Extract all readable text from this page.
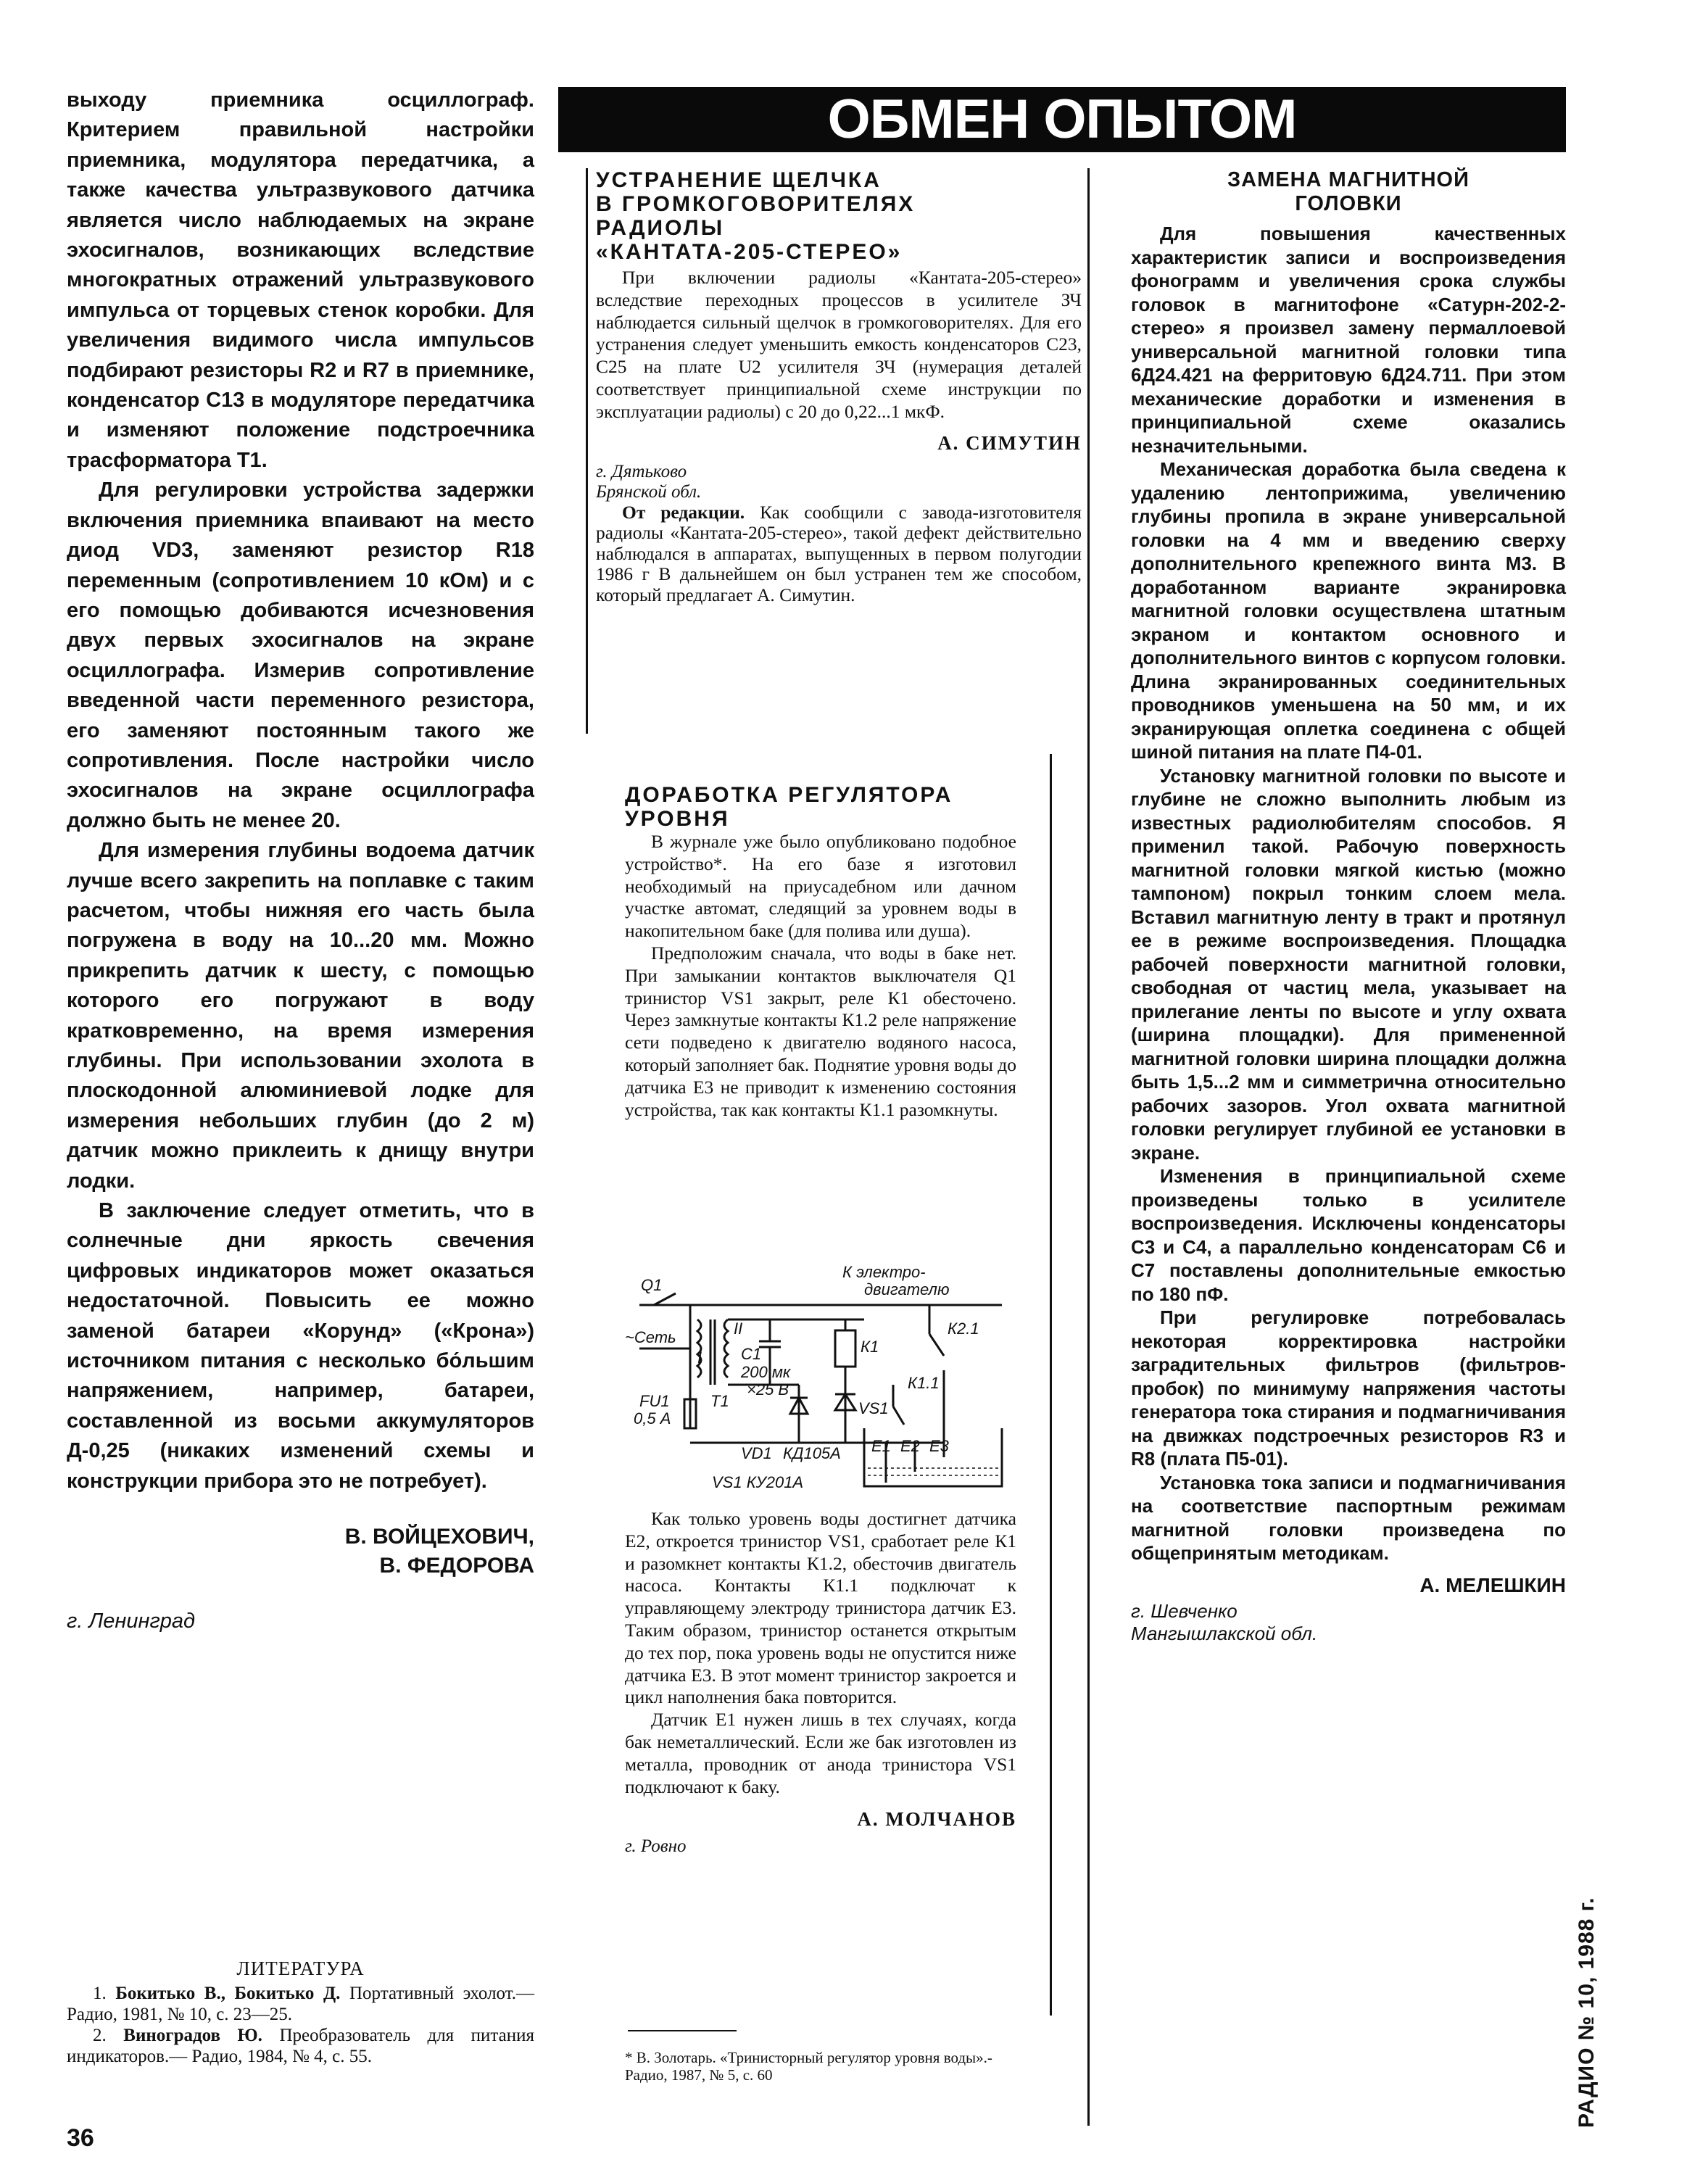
выходу приемника осциллограф. Критерием правильной настройки приемника, модулятора передатчика, а также качества ультразвукового датчика является число наблюдаемых на экране эхосигналов, возникающих вследствие многократных отражений ультразвукового импульса от торцевых стенок коробки. Для увеличения видимого числа импульсов подбирают резисторы R2 и R7 в приемнике, конденсатор С13 в модуляторе передатчика и изменяют положение подстроечника трасформатора Т1.

Для регулировки устройства задержки включения приемника впаивают на место диод VD3, заменяют резистор R18 переменным (сопротивлением 10 кОм) и с его помощью добиваются исчезновения двух первых эхосигналов на экране осциллографа. Измерив сопротивление введенной части переменного резистора, его заменяют постоянным такого же сопротивления. После настройки число эхосигналов на экране осциллографа должно быть не менее 20.

Для измерения глубины водоема датчик лучше всего закрепить на поплавке с таким расчетом, чтобы нижняя его часть была погружена в воду на 10...20 мм. Можно прикрепить датчик к шесту, с помощью которого его погружают в воду кратковременно, на время измерения глубины. При использовании эхолота в плоскодонной алюминиевой лодке для измерения небольших глубин (до 2 м) датчик можно приклеить к днищу внутри лодки.

В заключение следует отметить, что в солнечные дни яркость свечения цифровых индикаторов может оказаться недостаточной. Повысить ее можно заменой батареи «Корунд» («Крона») источником питания с несколько бо́льшим напряжением, например, батареи, составленной из восьми аккумуляторов Д-0,25 (никаких изменений схемы и конструкции прибора это не потребует).

В. ВОЙЦЕХОВИЧ,

В. ФЕДОРОВА

г. Ленинград

ЛИТЕРАТУРА

1. Бокитько В., Бокитько Д. Портативный эхолот.— Радио, 1981, № 10, с. 23—25.
2. Виноградов Ю. Преобразователь для питания индикаторов.— Радио, 1984, № 4, с. 55.
36
ОБМЕН ОПЫТОМ

УСТРАНЕНИЕ ЩЕЛЧКА

В ГРОМКОГОВОРИТЕЛЯХ

РАДИОЛЫ

«КАНТАТА-205-СТЕРЕО»

При включении радиолы «Кантата-205-стерео» вследствие переходных процессов в усилителе ЗЧ наблюдается сильный щелчок в громкоговорителях. Для его устранения следует уменьшить емкость конденсаторов С23, С25 на плате U2 усилителя ЗЧ (нумерация деталей соответствует принципиальной схеме инструкции по эксплуатации радиолы) с 20 до 0,22...1 мкФ.

А. СИМУТИН

г. Дятьково

Брянской обл.

От редакции. Как сообщили с завода-изготовителя радиолы «Кантата-205-стерео», такой дефект действительно наблюдался в аппаратах, выпущенных в первом полугодии 1986 г В дальнейшем он был устранен тем же способом, который предлагает А. Симутин.

ДОРАБОТКА РЕГУЛЯТОРА

УРОВНЯ

В журнале уже было опубликовано подобное устройство*. На его базе я изготовил необходимый на приусадебном или дачном участке автомат, следящий за уровнем воды в накопительном баке (для полива или душа).

Предположим сначала, что воды в баке нет. При замыкании контактов выключателя Q1 тринистор VS1 закрыт, реле К1 обесточено. Через замкнутые контакты К1.2 реле напряжение сети подведено к двигателю водяного насоса, который заполняет бак. Поднятие уровня воды до датчика Е3 не приводит к изменению состояния устройства, так как контакты К1.1 разомкнуты.

Q1
К электро-
двигателю
~Сеть
I
II
С1
200 мк
×25 В
К1
К2.1
К1.1
FU1
0,5 А
Т1	VS1
VD1 КД105А Е1 Е2 Е3
VS1 КУ201А

Как только уровень воды достигнет датчика Е2, откроется тринистор VS1, сработает реле К1 и разомкнет контакты К1.2, обесточив двигатель насоса. Контакты К1.1 подключат к управляющему электроду тринистора датчик Е3. Таким образом, тринистор останется открытым до тех пор, пока уровень воды не опустится ниже датчика Е3. В этот момент тринистор закроется и цикл наполнения бака повторится.

Датчик Е1 нужен лишь в тех случаях, когда бак неметаллический. Если же бак изготовлен из металла, проводник от анода тринистора VS1 подключают к баку.

А. МОЛЧАНОВ

г. Ровно

* В. Золотарь. «Тринисторный регулятор уровня воды».- Радио, 1987, № 5, с. 60

ЗАМЕНА МАГНИТНОЙ

ГОЛОВКИ

Для повышения качественных характеристик записи и воспроизведения фонограмм и увеличения срока службы головок в магнитофоне «Сатурн-202-2-стерео» я произвел замену пермаллоевой универсальной магнитной головки типа 6Д24.421 на ферритовую 6Д24.711. При этом механические доработки и изменения в принципиальной схеме оказались незначительными.

Механическая доработка была сведена к удалению лентоприжима, увеличению глубины пропила в экране универсальной головки на 4 мм и введению сверху дополнительного крепежного винта М3. В доработанном варианте экранировка магнитной головки осуществлена штатным экраном и контактом основного и дополнительного винтов с корпусом головки. Длина экранированных соединительных проводников уменьшена на 50 мм, и их экранирующая оплетка соединена с общей шиной питания на плате П4-01.

Установку магнитной головки по высоте и глубине не сложно выполнить любым из известных радиолюбителям способов. Я применил такой. Рабочую поверхность магнитной головки мягкой кистью (можно тампоном) покрыл тонким слоем мела. Вставил магнитную ленту в тракт и протянул ее в режиме воспроизведения. Площадка рабочей поверхности магнитной головки, свободная от частиц мела, указывает на прилегание ленты по высоте и углу охвата (ширина площадки). Для примененной магнитной головки ширина площадки должна быть 1,5...2 мм и симметрична относительно рабочих зазоров. Угол охвата магнитной головки регулирует глубиной ее установки в экране.

Изменения в принципиальной схеме произведены только в усилителе воспроизведения. Исключены конденсаторы С3 и С4, а параллельно конденсаторам С6 и С7 поставлены дополнительные емкостью по 180 пФ.

При регулировке потребовалась некоторая корректировка настройки заградительных фильтров (фильтров-пробок) по минимуму напряжения частоты генератора тока стирания и подмагничивания на движках подстроечных резисторов R3 и R8 (плата П5-01).

Установка тока записи и подмагничивания на соответствие паспортным режимам магнитной головки произведена по общепринятым методикам.

А. МЕЛЕШКИН

г. Шевченко

Мангышлакской обл.

РАДИО № 10, 1988 г.
